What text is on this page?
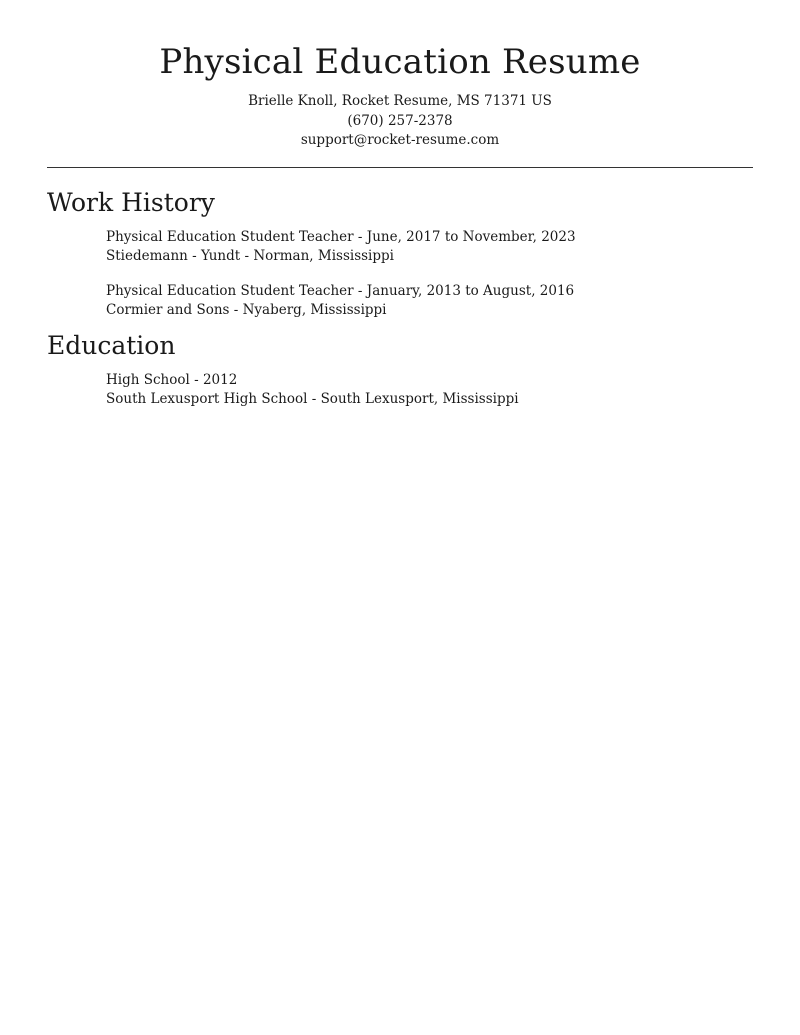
Physical Education Resume
Brielle Knoll, Rocket Resume, MS 71371 US
(670) 257-2378
support@rocket-resume.com
Work History
Physical Education Student Teacher - June, 2017 to November, 2023
Stiedemann - Yundt - Norman, Mississippi
Physical Education Student Teacher - January, 2013 to August, 2016
Cormier and Sons - Nyaberg, Mississippi
Education
High School - 2012
South Lexusport High School - South Lexusport, Mississippi
